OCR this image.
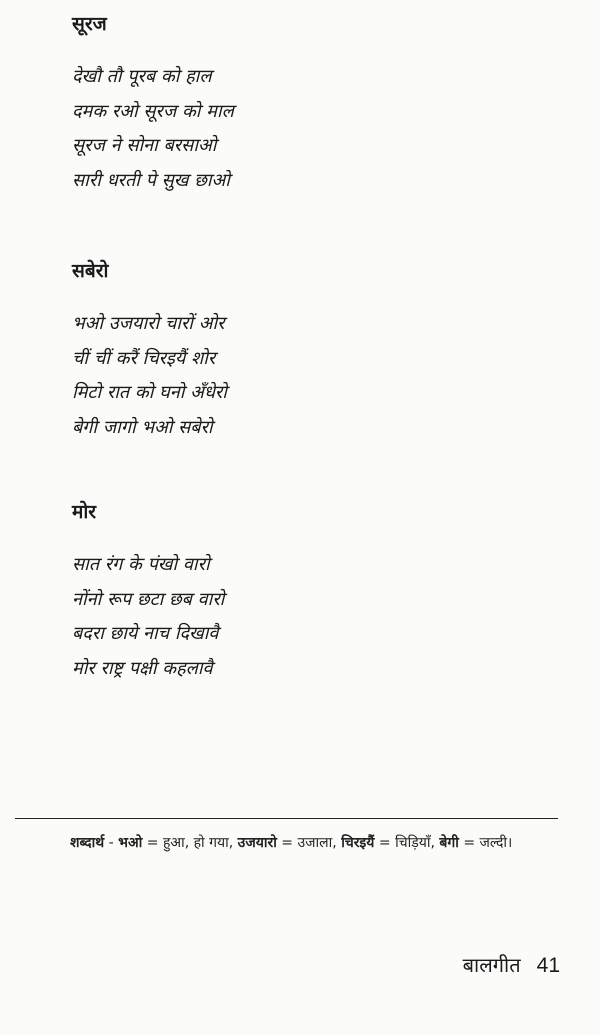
सूरज
देखौ तौ पूरब को हाल
दमक रओ सूरज को माल
सूरज ने सोना बरसाओ
सारी धरती पे सुख छाओ
सबेरो
भओ उजयारो चारों ओर
चीं चीं करैं चिरइयैं शोर
मिटो रात को घनो अँधेरो
बेगी जागो भओ सबेरो
मोर
सात रंग के पंखो वारो
नोंनो रूप छटा छब वारो
बदरा छाये नाच दिखावै
मोर राष्ट्र पक्षी कहलावै
शब्दार्थ - भओ = हुआ, हो गया, उजयारो = उजाला, चिरइयैं = चिड़ियाँ, बेगी = जल्दी।
बालगीत 41
